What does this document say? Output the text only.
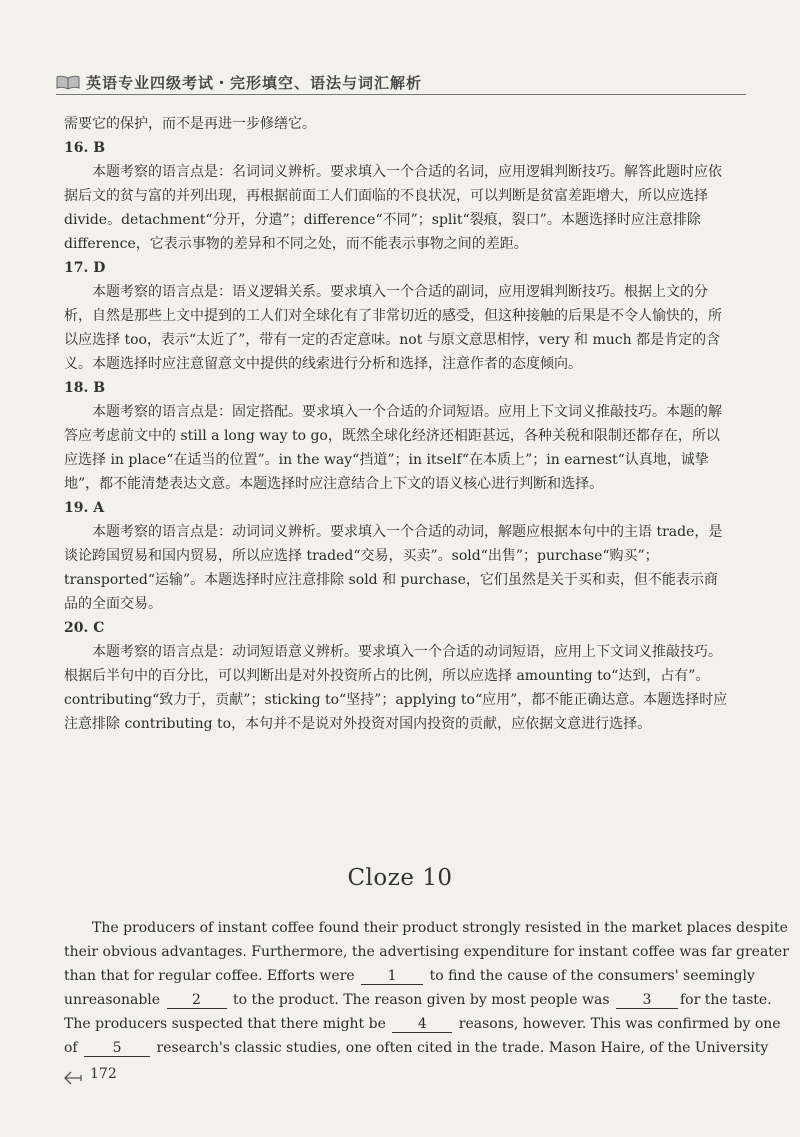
英语专业四级考试・完形填空、语法与词汇解析

需要它的保护，而不是再进一步修缮它。

16. B

本题考察的语言点是：名词词义辨析。要求填入一个合适的名词，应用逻辑判断技巧。解答此题时应依据后文的贫与富的并列出现，再根据前面工人们面临的不良状况，可以判断是贫富差距增大，所以应选择 divide。detachment“分开，分遣”；difference“不同”；split“裂痕，裂口”。本题选择时应注意排除 difference，它表示事物的差异和不同之处，而不能表示事物之间的差距。

17. D

本题考察的语言点是：语义逻辑关系。要求填入一个合适的副词，应用逻辑判断技巧。根据上文的分析，自然是那些上文中提到的工人们对全球化有了非常切近的感受，但这种接触的后果是不令人愉快的，所以应选择 too，表示“太近了”，带有一定的否定意味。not 与原文意思相悖，very 和 much 都是肯定的含义。本题选择时应注意留意文中提供的线索进行分析和选择，注意作者的态度倾向。

18. B

本题考察的语言点是：固定搭配。要求填入一个合适的介词短语。应用上下文词义推敲技巧。本题的解答应考虑前文中的 still a long way to go，既然全球化经济还相距甚远，各种关税和限制还都存在，所以应选择 in place“在适当的位置”。in the way“挡道”；in itself“在本质上”；in earnest“认真地，诚挚地”，都不能清楚表达文意。本题选择时应注意结合上下文的语义核心进行判断和选择。

19. A

本题考察的语言点是：动词词义辨析。要求填入一个合适的动词，解题应根据本句中的主语 trade，是谈论跨国贸易和国内贸易，所以应选择 traded“交易，买卖”。sold“出售”；purchase“购买”；transported“运输”。本题选择时应注意排除 sold 和 purchase，它们虽然是关于买和卖，但不能表示商品的全面交易。

20. C

本题考察的语言点是：动词短语意义辨析。要求填入一个合适的动词短语，应用上下文词义推敲技巧。根据后半句中的百分比，可以判断出是对外投资所占的比例，所以应选择 amounting to“达到，占有”。contributing“致力于，贡献”；sticking to“坚持”；applying to“应用”，都不能正确达意。本题选择时应注意排除 contributing to，本句并不是说对外投资对国内投资的贡献，应依据文意进行选择。

Cloze 10

The producers of instant coffee found their product strongly resisted in the market places despite
their obvious advantages. Furthermore, the advertising expenditure for instant coffee was far greater
than that for regular coffee. Efforts were 1 to find the cause of the consumers' seemingly
unreasonable 2 to the product. The reason given by most people was 3 for the taste.
The producers suspected that there might be 4 reasons, however. This was confirmed by one
of 5	research's classic studies, one often cited in the trade. Mason Haire, of the University

172
